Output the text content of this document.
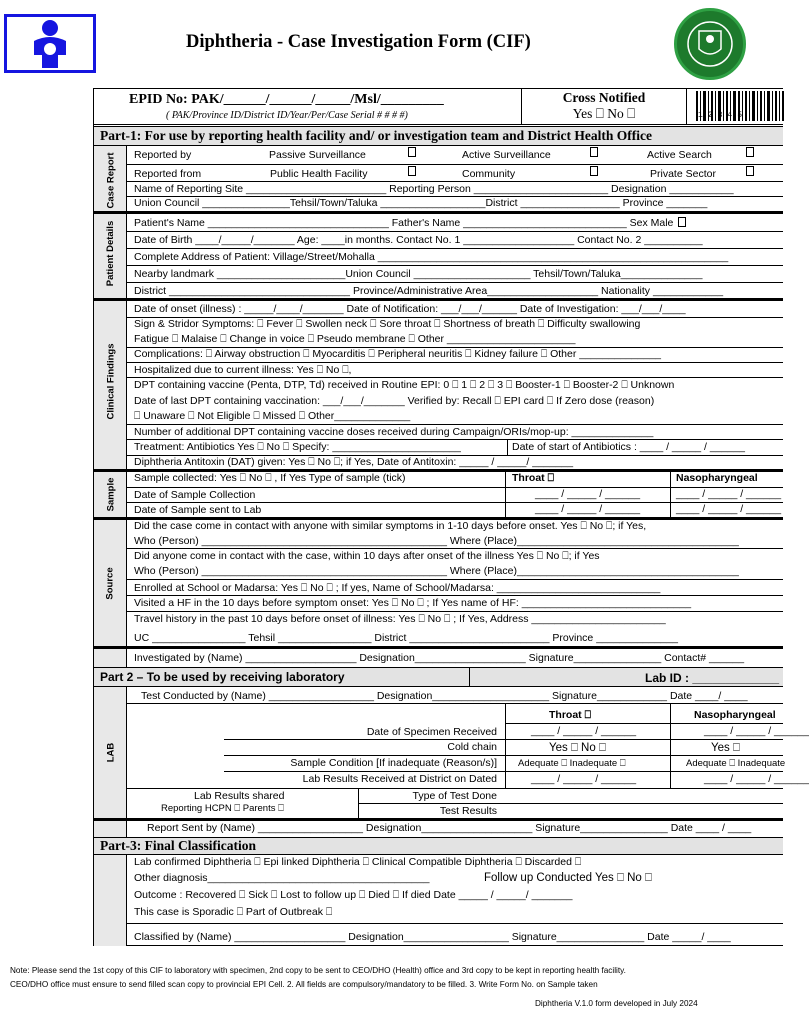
Diphtheria - Case Investigation Form (CIF)
EPID No: PAK/______/______/_____/Msl/_________
( PAK/Province ID/District ID/Year/Per/Case Serial # # # #)
Cross Notified
Yes ⎕ No ⎕	12345
Part-1: For use by reporting health facility and/ or investigation team and District Health Office
Case Report
Patient Details
Clinical Findings
Sample
Source
LAB
Reported by	Passive Surveillance	Active Surveillance	Active Search
Reported from	Public Health Facility	Community	Private Sector
Name of Reporting Site ________________________ Reporting Person _______________________ Designation ___________
Union Council _______________Tehsil/Town/Taluka __________________District _________________ Province _______
Patient's Name _______________________________ Father's Name ____________________________ Sex Male
Date of Birth ____/_____/_______ Age: ____in months. Contact No. 1 ___________________ Contact No. 2 __________
Complete Address of Patient: Village/Street/Mohalla ____________________________________________________________
Nearby landmark ______________________Union Council ____________________ Tehsil/Town/Taluka______________
District _______________________________ Province/Administrative Area___________________ Nationality ____________
Date of onset (illness) : _____/____/_______ Date of Notification: ___/___/______ Date of Investigation: ___/___/____
Sign & Stridor Symptoms: ⎕ Fever ⎕ Swollen neck ⎕ Sore throat ⎕ Shortness of breath ⎕ Difficulty swallowing
Fatigue ⎕ Malaise ⎕ Change in voice ⎕ Pseudo membrane ⎕ Other ______________________
Complications: ⎕ Airway obstruction ⎕ Myocarditis ⎕ Peripheral neuritis ⎕ Kidney failure ⎕ Other ______________
Hospitalized due to current illness: Yes ⎕ No ⎕,
DPT containing vaccine (Penta, DTP, Td) received in Routine EPI: 0 ⎕ 1 ⎕ 2 ⎕ 3 ⎕ Booster-1 ⎕ Booster-2 ⎕ Unknown
Date of last DPT containing vaccination: ___/___/_______ Verified by: Recall ⎕ EPI card ⎕ If Zero dose (reason)
⎕ Unaware ⎕ Not Eligible ⎕ Missed ⎕ Other_____________
Number of additional DPT containing vaccine doses received during Campaign/ORIs/mop-up: ______________
Treatment: Antibiotics Yes ⎕ No ⎕ Specify: ______________________	Date of start of Antibiotics : ____ / _____ / ______
Diphtheria Antitoxin (DAT) given: Yes ⎕ No ⎕; if Yes, Date of Antitoxin: _____ / _____/ _______
Sample collected: Yes ⎕ No ⎕ , If Yes Type of sample (tick)	Throat ⎕	Nasopharyngeal
Date of Sample Collection	____ / _____ / ______	____ / _____ / ______
Date of Sample sent to Lab	____ / _____ / ______	____ / _____ / ______
Did the case come in contact with anyone with similar symptoms in 1-10 days before onset. Yes ⎕ No ⎕; if Yes,
Who (Person) __________________________________________ Where (Place)______________________________________
Did anyone come in contact with the case, within 10 days after onset of the illness Yes ⎕ No ⎕; if Yes
Who (Person) __________________________________________ Where (Place)______________________________________
Enrolled at School or Madarsa: Yes ⎕ No ⎕ ; If yes, Name of School/Madarsa: ____________________________
Visited a HF in the 10 days before symptom onset: Yes ⎕ No ⎕ ; If Yes name of HF: _____________________________
Travel history in the past 10 days before onset of illness: Yes ⎕ No ⎕ ; If Yes, Address _______________________
UC ________________ Tehsil ________________ District ________________________ Province ______________
Investigated by (Name) ___________________ Designation___________________ Signature_______________ Contact# ______
Part 2 – To be used by receiving laboratory	Lab ID : _____________
Test Conducted by (Name) __________________ Designation____________________ Signature____________ Date ____/ ____
Throat ⎕	Nasopharyngeal
Date of Specimen Received	____ / _____ / ______	____ / _____ / ______
Cold chain	Yes ⎕ No ⎕	Yes ⎕
Sample Condition [If inadequate (Reason/s)] Adequate ⎕ Inadequate ⎕	Adequate ⎕ Inadequate
Lab Results Received at District on Dated	____ / _____ / ______	____ / _____ / ______
Lab Results shared
Reporting HCPN ⎕ Parents ⎕
Type of Test Done
Test Results
Report Sent by (Name) __________________ Designation___________________ Signature_______________ Date ____ / ____
Part-3: Final Classification
Lab confirmed Diphtheria ⎕ Epi linked Diphtheria ⎕ Clinical Compatible Diphtheria ⎕ Discarded ⎕
Other diagnosis______________________________________	Follow up Conducted Yes ⎕ No ⎕
Outcome : Recovered ⎕ Sick ⎕ Lost to follow up ⎕ Died ⎕ If died Date _____ / _____/ _______
This case is Sporadic ⎕ Part of Outbreak ⎕
Classified by (Name) ___________________ Designation__________________ Signature_______________ Date _____/ ____
Note: Please send the 1st copy of this CIF to laboratory with specimen, 2nd copy to be sent to CEO/DHO (Health) office and 3rd copy to be kept in reporting health facility.
CEO/DHO office must ensure to send filled scan copy to provincial EPI Cell. 2. All fields are compulsory/mandatory to be filled. 3. Write Form No. on Sample taken
Diphtheria V.1.0 form developed in July 2024
